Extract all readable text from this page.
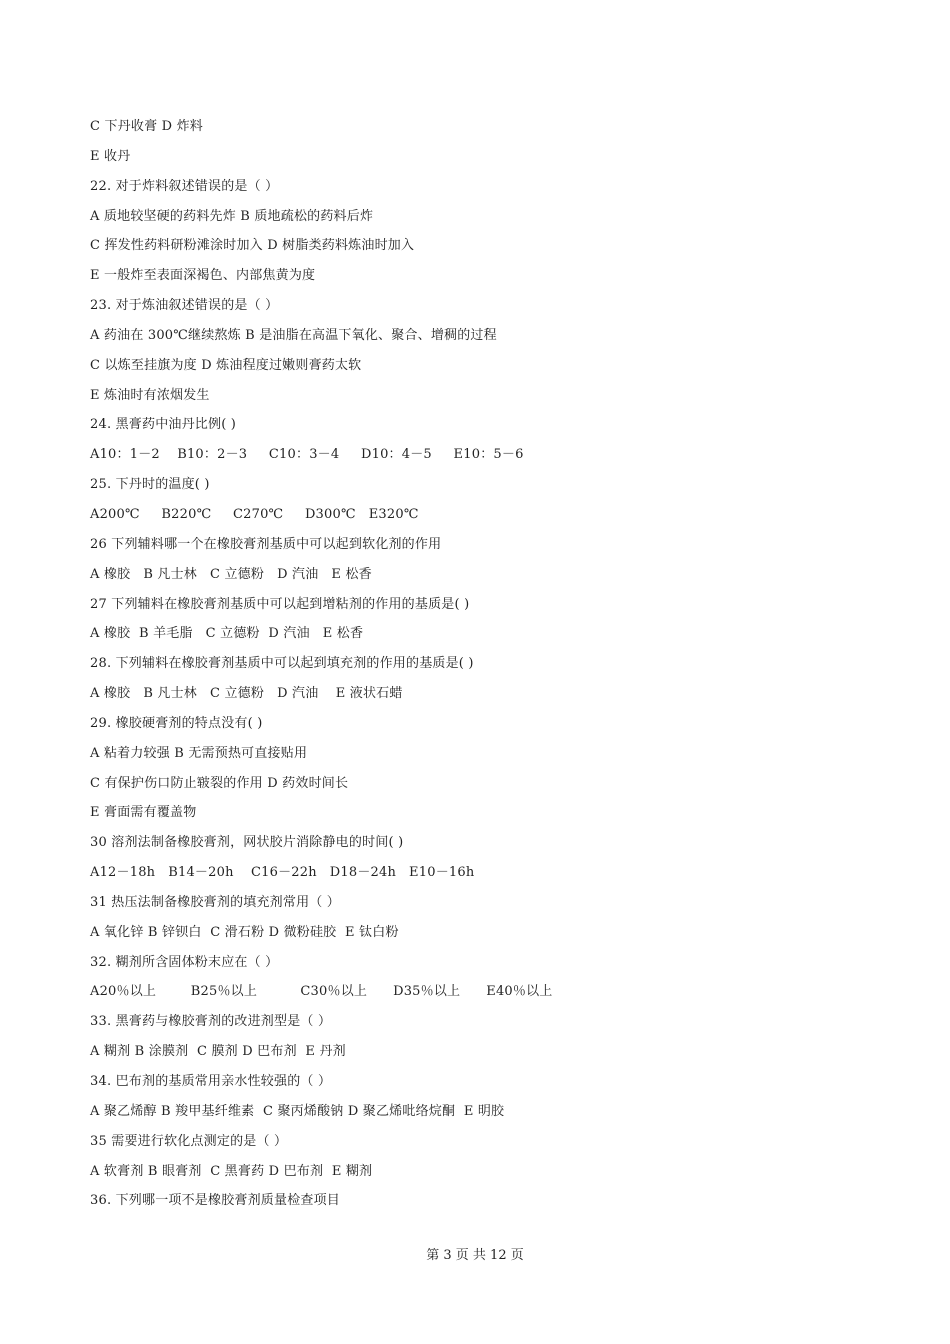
C 下丹收膏 D 炸料
E 收丹
22. 对于炸料叙述错误的是（ ）
A 质地较坚硬的药料先炸 B 质地疏松的药料后炸
C 挥发性药料研粉滩涂时加入 D 树脂类药料炼油时加入
E 一般炸至表面深褐色、内部焦黄为度
23. 对于炼油叙述错误的是（ ）
A 药油在 300℃继续熬炼 B 是油脂在高温下氧化、聚合、增稠的过程
C 以炼至挂旗为度 D 炼油程度过嫩则膏药太软
E 炼油时有浓烟发生
24. 黑膏药中油丹比例( )
A10：1－2    B10：2－3     C10：3－4     D10：4－5     E10：5－6
25. 下丹时的温度( )
A200℃     B220℃     C270℃     D300℃   E320℃
26 下列辅料哪一个在橡胶膏剂基质中可以起到软化剂的作用
A 橡胶   B 凡士林   C 立德粉   D 汽油   E 松香
27 下列辅料在橡胶膏剂基质中可以起到增粘剂的作用的基质是( )
A 橡胶  B 羊毛脂   C 立德粉  D 汽油   E 松香
28. 下列辅料在橡胶膏剂基质中可以起到填充剂的作用的基质是( )
A 橡胶   B 凡士林   C 立德粉   D 汽油    E 液状石蜡
29. 橡胶硬膏剂的特点没有( )
A 粘着力较强 B 无需预热可直接贴用
C 有保护伤口防止皲裂的作用 D 药效时间长
E 膏面需有覆盖物
30 溶剂法制备橡胶膏剂，网状胶片消除静电的时间( )
A12－18h   B14－20h    C16－22h   D18－24h   E10－16h
31 热压法制备橡胶膏剂的填充剂常用（ ）
A 氧化锌 B 锌钡白  C 滑石粉 D 微粉硅胶  E 钛白粉
32. 糊剂所含固体粉末应在（ ）
A20％以上        B25％以上          C30％以上      D35％以上      E40％以上
33. 黑膏药与橡胶膏剂的改进剂型是（ ）
A 糊剂 B 涂膜剂  C 膜剂 D 巴布剂  E 丹剂
34. 巴布剂的基质常用亲水性较强的（ ）
A 聚乙烯醇 B 羧甲基纤维素  C 聚丙烯酸钠 D 聚乙烯吡络烷酮  E 明胶
35 需要进行软化点测定的是（ ）
A 软膏剂 B 眼膏剂  C 黑膏药 D 巴布剂  E 糊剂
36. 下列哪一项不是橡胶膏剂质量检查项目
第 3 页 共 12 页
